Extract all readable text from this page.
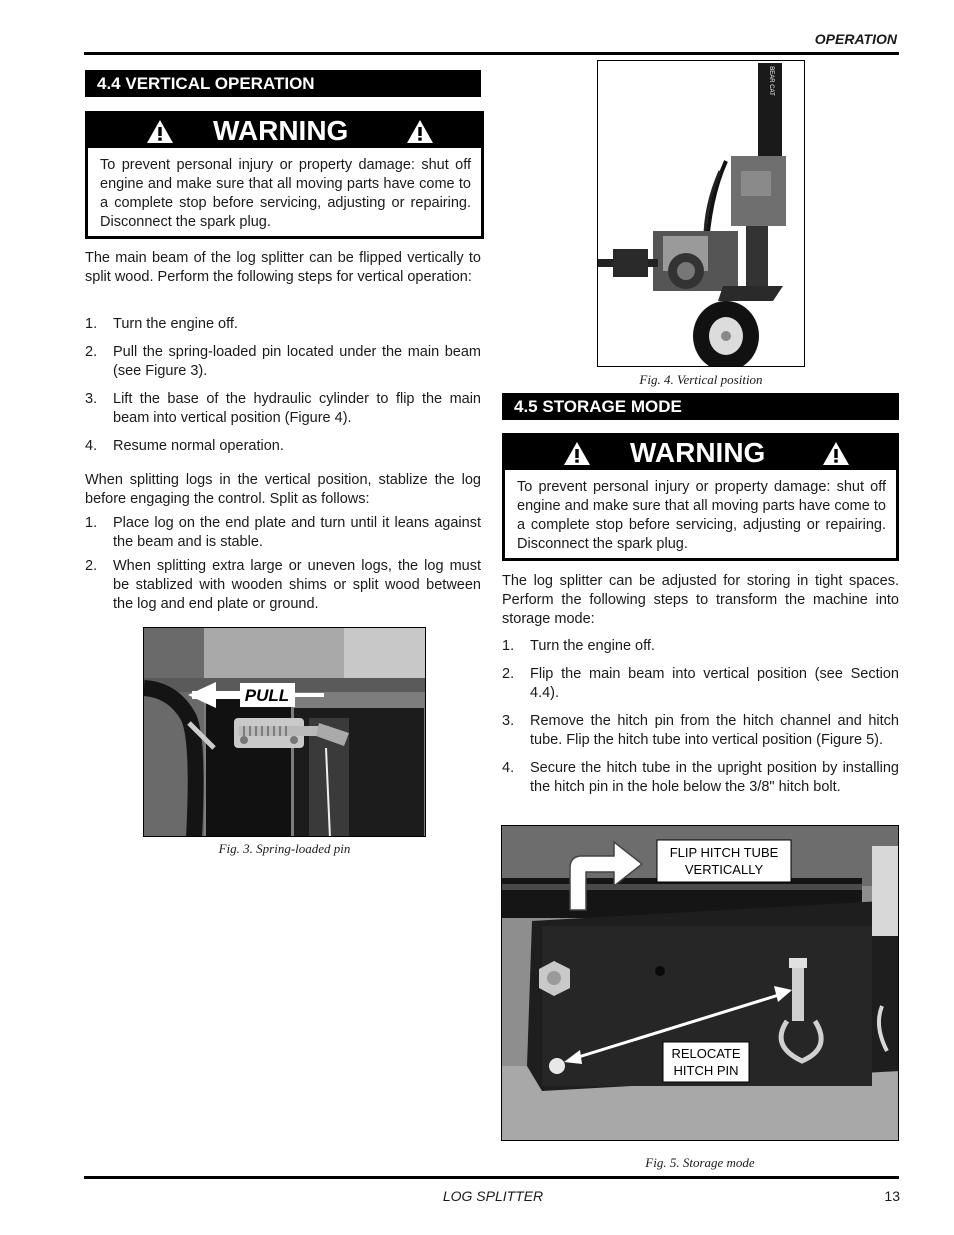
OPERATION
4.4 VERTICAL OPERATION
WARNING
To prevent personal injury or property damage: shut off engine and make sure that all moving parts have come to a complete stop before servicing, adjusting or repairing. Disconnect the spark plug.
The main beam of the log splitter can be flipped vertically to split wood. Perform the following steps for vertical operation:
1. Turn the engine off.
2. Pull the spring-loaded pin located under the main beam (see Figure 3).
3. Lift the base of the hydraulic cylinder to flip the main beam into vertical position (Figure 4).
4. Resume normal operation.
When splitting logs in the vertical position, stablize the log before engaging the control. Split as follows:
1. Place log on the end plate and turn until it leans against the beam and is stable.
2. When splitting extra large or uneven logs, the log must be stablized with wooden shims or split wood between the log and end plate or ground.
PULL
Fig. 3. Spring-loaded pin
BEAR CAT
Fig. 4. Vertical position
4.5 STORAGE MODE
WARNING
To prevent personal injury or property damage: shut off engine and make sure that all moving parts have come to a complete stop before servicing, adjusting or repairing. Disconnect the spark plug.
The log splitter can be adjusted for storing in tight spaces. Perform the following steps to transform the machine into storage mode:
1. Turn the engine off.
2. Flip the main beam into vertical position (see Section 4.4).
3. Remove the hitch pin from the hitch channel and hitch tube. Flip the hitch tube into vertical position (Figure 5).
4. Secure the hitch tube in the upright position by installing the hitch pin in the hole below the 3/8" hitch bolt.
FLIP HITCH TUBE
VERTICALLY
RELOCATE
HITCH PIN
Fig. 5. Storage mode
LOG SPLITTER	13
